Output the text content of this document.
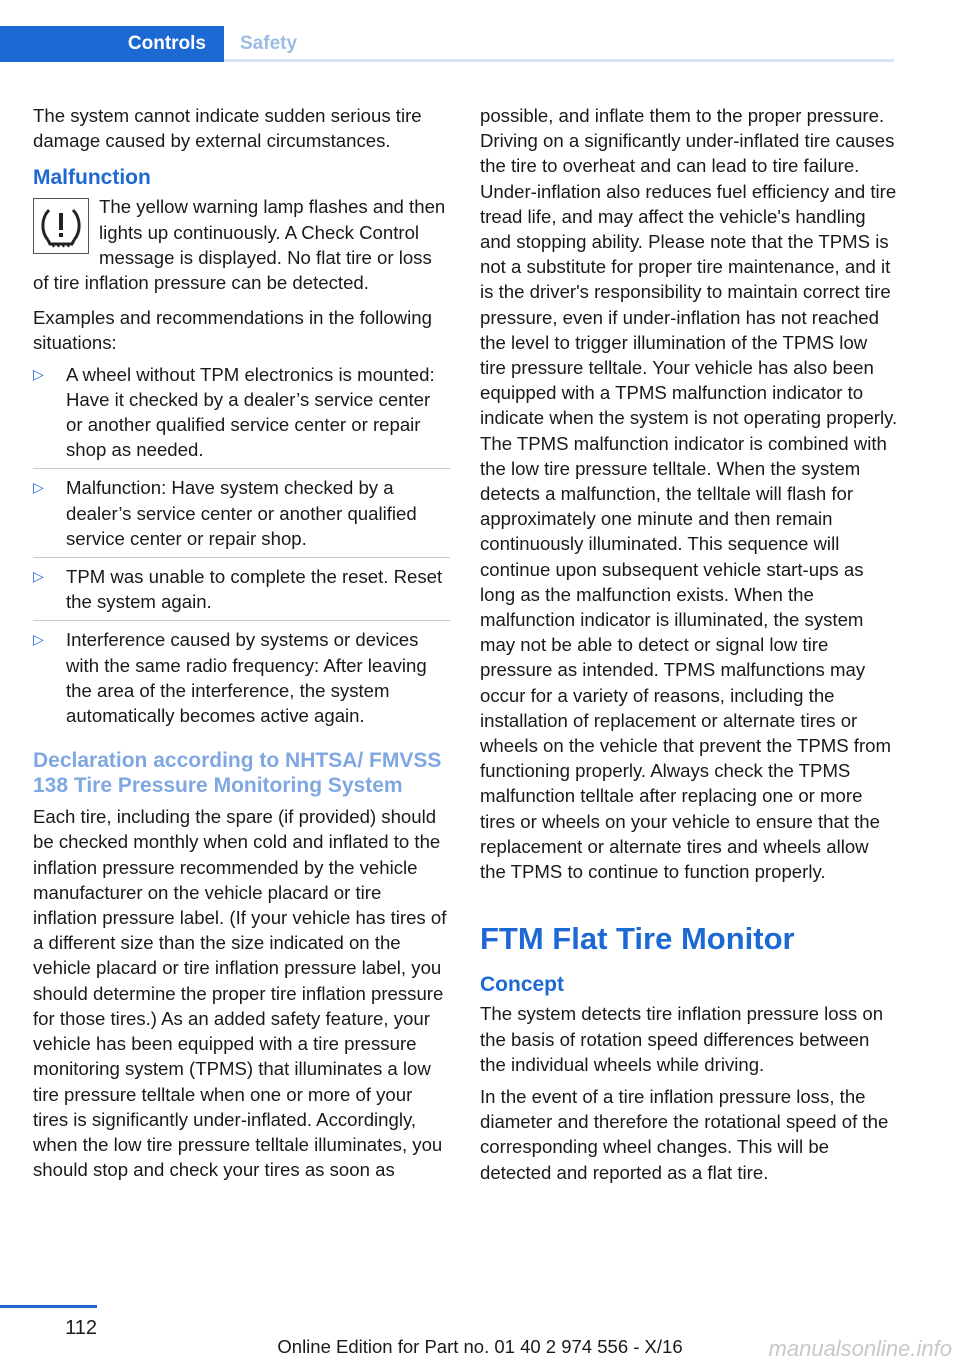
Controls	Safety

The system cannot indicate sudden serious tire damage caused by external circumstances.

Malfunction
The yellow warning lamp flashes and then lights up continuously. A Check Control message is displayed. No flat tire or loss of tire inflation pressure can be detected.

Examples and recommendations in the following situations:

▷ A wheel without TPM electronics is mounted: Have it checked by a dealer’s service center or another qualified service center or repair shop as needed.
▷ Malfunction: Have system checked by a dealer’s service center or another qualified service center or repair shop.
▷ TPM was unable to complete the reset. Reset the system again.
▷ Interference caused by systems or devices with the same radio frequency: After leaving the area of the interference, the system automatically becomes active again.
Declaration according to NHTSA/ FMVSS 138 Tire Pressure Monitoring System

Each tire, including the spare (if provided) should be checked monthly when cold and inflated to the inflation pressure recommended by the vehicle manufacturer on the vehicle placard or tire inflation pressure label. (If your vehicle has tires of a different size than the size indicated on the vehicle placard or tire inflation pressure label, you should determine the proper tire inflation pressure for those tires.) As an added safety feature, your vehicle has been equipped with a tire pressure monitoring system (TPMS) that illuminates a low tire pressure telltale when one or more of your tires is significantly under-inflated. Accordingly, when the low tire pressure telltale illuminates, you should stop and check your tires as soon as

possible, and inflate them to the proper pressure. Driving on a significantly under-inflated tire causes the tire to overheat and can lead to tire failure. Under-inflation also reduces fuel efficiency and tire tread life, and may affect the vehicle's handling and stopping ability. Please note that the TPMS is not a substitute for proper tire maintenance, and it is the driver's responsibility to maintain correct tire pressure, even if under-inflation has not reached the level to trigger illumination of the TPMS low tire pressure telltale. Your vehicle has also been equipped with a TPMS malfunction indicator to indicate when the system is not operating properly. The TPMS malfunction indicator is combined with the low tire pressure telltale. When the system detects a malfunction, the telltale will flash for approximately one minute and then remain continuously illuminated. This sequence will continue upon subsequent vehicle start-ups as long as the malfunction exists. When the malfunction indicator is illuminated, the system may not be able to detect or signal low tire pressure as intended. TPMS malfunctions may occur for a variety of reasons, including the installation of replacement or alternate tires or wheels on the vehicle that prevent the TPMS from functioning properly. Always check the TPMS malfunction telltale after replacing one or more tires or wheels on your vehicle to ensure that the replacement or alternate tires and wheels allow the TPMS to continue to function properly.

FTM Flat Tire Monitor
Concept

The system detects tire inflation pressure loss on the basis of rotation speed differences between the individual wheels while driving.

In the event of a tire inflation pressure loss, the diameter and therefore the rotational speed of the corresponding wheel changes. This will be detected and reported as a flat tire.

112
Online Edition for Part no. 01 40 2 974 556 - X/16	manualsonline.info
